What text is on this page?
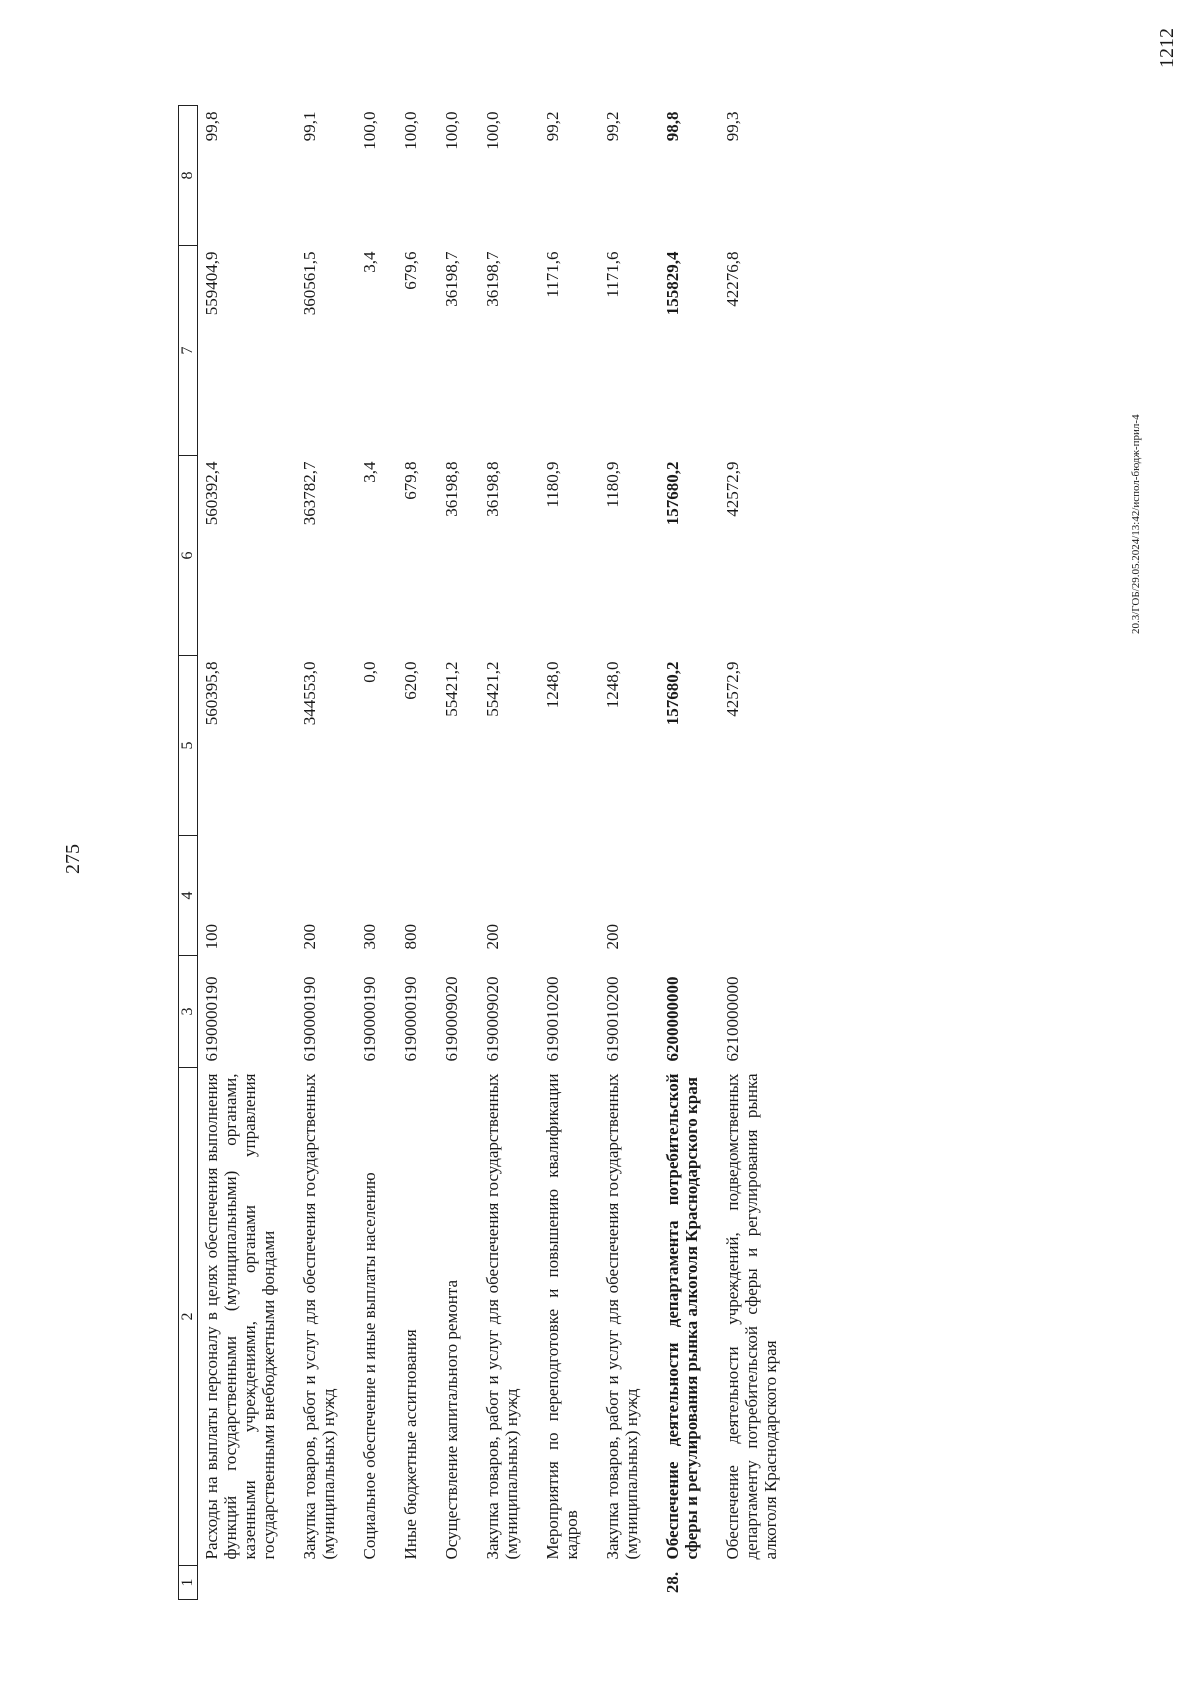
275
1	2	3	4	5	6	7	8
	Расходы на выплаты персоналу в целях обеспечения выполнения функций государственными (муниципальными) органами, казенными учреждениями, органами управления государственными внебюджетными фондами	6190000190	100	560395,8	560392,4	559404,9	99,8

	Закупка товаров, работ и услуг для обеспечения государственных (муниципальных) нужд	6190000190	200	344553,0	363782,7	360561,5	99,1

	Социальное обеспечение и иные выплаты населению	6190000190	300	0,0	3,4	3,4	100,0

	Иные бюджетные ассигнования	6190000190	800	620,0	679,8	679,6	100,0

	Осуществление капитального ремонта	6190009020		55421,2	36198,8	36198,7	100,0

	Закупка товаров, работ и услуг для обеспечения государственных (муниципальных) нужд	6190009020	200	55421,2	36198,8	36198,7	100,0

	Мероприятия по переподготовке и повышению квалификации кадров	6190010200		1248,0	1180,9	1171,6	99,2

	Закупка товаров, работ и услуг для обеспечения государственных (муниципальных) нужд	6190010200	200	1248,0	1180,9	1171,6	99,2

28.	Обеспечение деятельности департамента потребительской сферы и регулирования рынка алкоголя Краснодарского края	6200000000		157680,2	157680,2	155829,4	98,8

	Обеспечение деятельности учреждений, подведомственных департаменту потребительской сферы и регулирования рынка алкоголя Краснодарского края	6210000000		42572,9	42572,9	42276,8	99,3

20.3/ГОБ/29.05.2024/13:42/испол-бюдж-прил-4
1212
